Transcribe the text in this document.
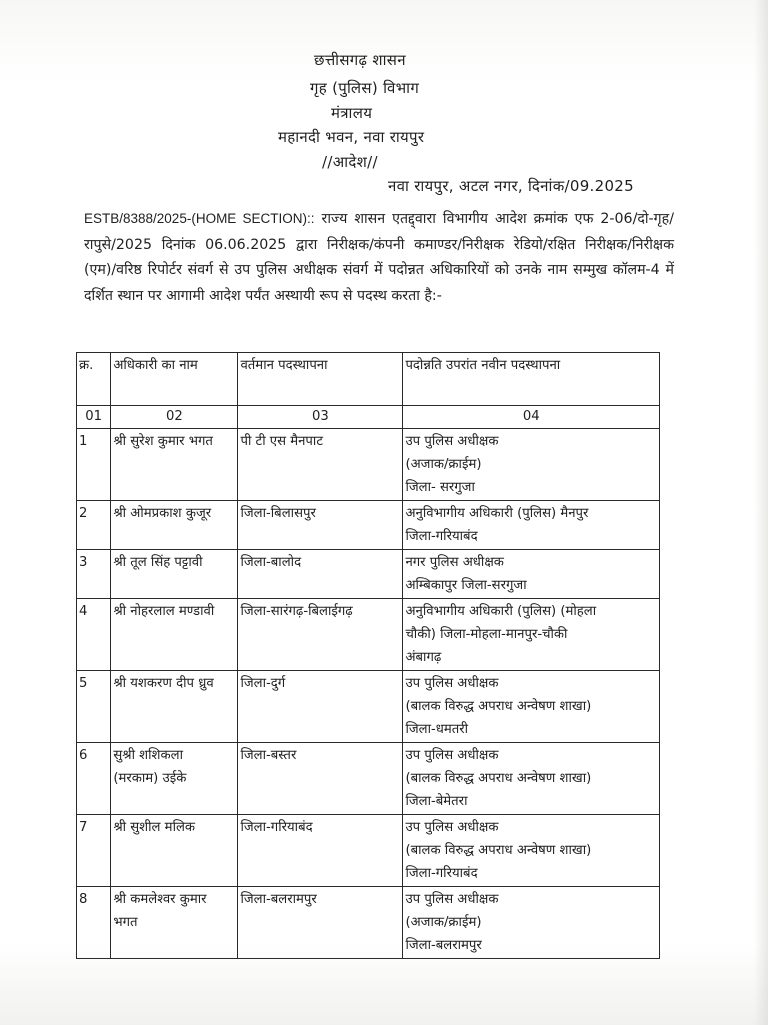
छत्तीसगढ़ शासन
गृह (पुलिस) विभाग
मंत्रालय
महानदी भवन, नवा रायपुर
//आदेश//
नवा रायपुर, अटल नगर, दिनांक/09.2025
ESTB/8388/2025-(HOME SECTION):: राज्य शासन एतद्द्वारा विभागीय आदेश क्रमांक एफ 2-06/दो-गृह/रापुसे/2025 दिनांक 06.06.2025 द्वारा निरीक्षक/कंपनी कमाण्डर/निरीक्षक रेडियो/रक्षित निरीक्षक/निरीक्षक (एम)/वरिष्ठ रिपोर्टर संवर्ग से उप पुलिस अधीक्षक संवर्ग में पदोन्नत अधिकारियों को उनके नाम सम्मुख कॉलम-4 में दर्शित स्थान पर आगामी आदेश पर्यंत अस्थायी रूप से पदस्थ करता है:-
क्र.	अधिकारी का नाम	वर्तमान पदस्थापना	पदोन्नति उपरांत नवीन पदस्थापना
01	02	03	04
1	श्री सुरेश कुमार भगत	पी टी एस मैनपाट	उप पुलिस अधीक्षक
(अजाक/क्राईम)
जिला- सरगुजा

2	श्री ओमप्रकाश कुजूर	जिला-बिलासपुर	अनुविभागीय अधिकारी (पुलिस) मैनपुर
जिला-गरियाबंद

3	श्री तूल सिंह पट्टावी	जिला-बालोद	नगर पुलिस अधीक्षक
अम्बिकापुर जिला-सरगुजा

4	श्री नोहरलाल मण्डावी	जिला-सारंगढ़-बिलाईगढ़	अनुविभागीय अधिकारी (पुलिस) (मोहला
चौकी) जिला-मोहला-मानपुर-चौकी
अंबागढ़

5	श्री यशकरण दीप ध्रुव	जिला-दुर्ग	उप पुलिस अधीक्षक
(बालक विरुद्ध अपराध अन्वेषण शाखा)
जिला-धमतरी

6	सुश्री शशिकला
(मरकाम) उईके	जिला-बस्तर	उप पुलिस अधीक्षक
(बालक विरुद्ध अपराध अन्वेषण शाखा)
जिला-बेमेतरा

7	श्री सुशील मलिक	जिला-गरियाबंद	उप पुलिस अधीक्षक
(बालक विरुद्ध अपराध अन्वेषण शाखा)
जिला-गरियाबंद

8	श्री कमलेश्वर कुमार
भगत	जिला-बलरामपुर	उप पुलिस अधीक्षक
(अजाक/क्राईम)
जिला-बलरामपुर
